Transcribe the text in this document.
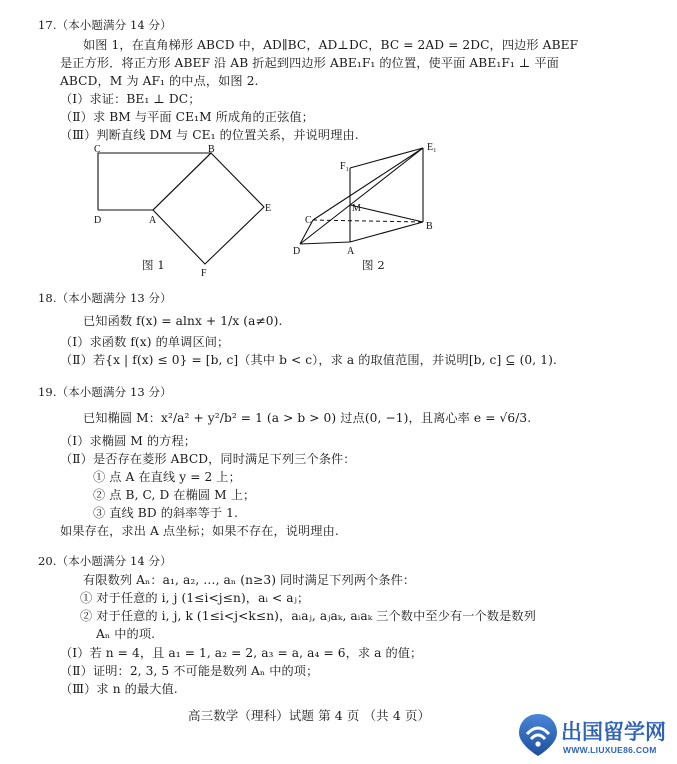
17.（本小题满分 14 分）
如图 1，在直角梯形 ABCD 中，AD∥BC，AD⊥DC，BC = 2AD = 2DC，四边形 ABEF
是正方形．将正方形 ABEF 沿 AB 折起到四边形 ABE₁F₁ 的位置，使平面 ABE₁F₁ ⊥ 平面
ABCD，M 为 AF₁ 的中点，如图 2.
（Ⅰ）求证：BE₁ ⊥ DC；
（Ⅱ）求 BM 与平面 CE₁M 所成角的正弦值；
（Ⅲ）判断直线 DM 与 CE₁ 的位置关系，并说明理由.
C	B
D	A
E
F
图 1
E₁
F₁
M
C
D	A
B
图 2
18.（本小题满分 13 分）
已知函数 f(x) = alnx + 1/x (a≠0).
（Ⅰ）求函数 f(x) 的单调区间；
（Ⅱ）若{x | f(x) ≤ 0} = [b, c]（其中 b < c），求 a 的取值范围，并说明[b, c] ⊆ (0, 1).
19.（本小题满分 13 分）
已知椭圆 M：x²/a² + y²/b² = 1 (a > b > 0) 过点(0, −1)，且离心率 e = √6/3.
（Ⅰ）求椭圆 M 的方程；
（Ⅱ）是否存在菱形 ABCD，同时满足下列三个条件：
① 点 A 在直线 y = 2 上；
② 点 B, C, D 在椭圆 M 上；
③ 直线 BD 的斜率等于 1.
如果存在，求出 A 点坐标；如果不存在，说明理由.
20.（本小题满分 14 分）
有限数列 Aₙ：a₁, a₂, …, aₙ (n≥3) 同时满足下列两个条件：
① 对于任意的 i, j (1≤i<j≤n)，aᵢ < aⱼ；
② 对于任意的 i, j, k (1≤i<j<k≤n)，aᵢaⱼ, aⱼaₖ, aᵢaₖ 三个数中至少有一个数是数列
Aₙ 中的项.
（Ⅰ）若 n = 4，且 a₁ = 1, a₂ = 2, a₃ = a, a₄ = 6，求 a 的值；
（Ⅱ）证明：2, 3, 5 不可能是数列 Aₙ 中的项；
（Ⅲ）求 n 的最大值.
高三数学（理科）试题 第 4 页 （共 4 页）
出国留学网
WWW.LIUXUE86.COM
